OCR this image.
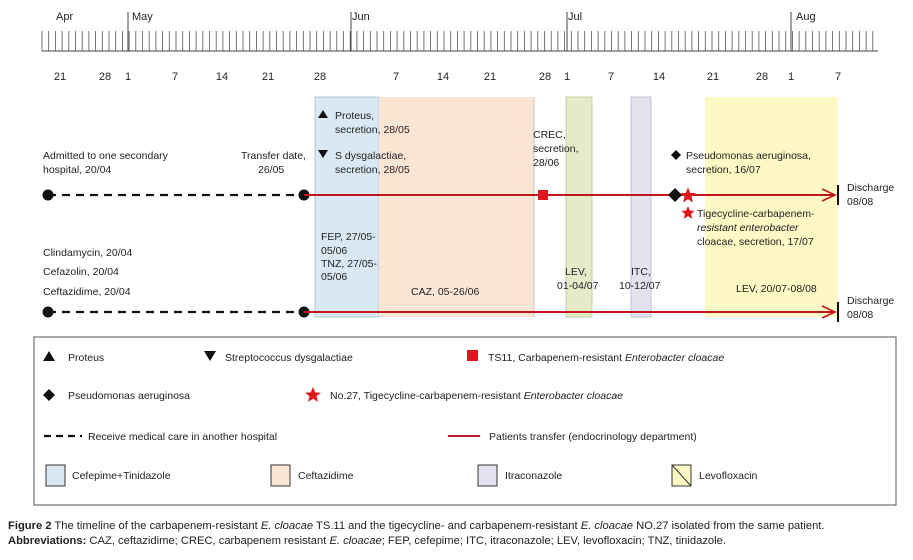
Apr	May	Jun	Jul	Aug
21	28 1	7	14	21	28	7	14	21	28 1	7	14	21	28 1	7
Admitted to one secondary
hospital, 20/04
Transfer date,
26/05
Proteus,
secretion, 28/05
S dysgalactiae,
secretion, 28/05
CREC,
secretion,
28/06
Pseudomonas aeruginosa,
secretion, 16/07
Discharge
08/08
Tigecycline-carbapenem-
resistant enterobacter
cloacae, secretion, 17/07
Clindamycin, 20/04
Cefazolin, 20/04
Ceftazidime, 20/04
FEP, 27/05-
05/06
TNZ, 27/05-
05/06
CAZ, 05-26/06
LEV,
01-04/07
ITC,
10-12/07	LEV, 20/07-08/08
Discharge
08/08
Proteus	Streptococcus dysgalactiae	TS11, Carbapenem-resistant Enterobacter cloacae
Pseudomonas aeruginosa	No.27, Tigecycline-carbapenem-resistant Enterobacter cloacae
Receive medical care in another hospital	Patients transfer (endocrinology department)
Cefepime+Tinidazole	Ceftazidime	Itraconazole	Levofloxacin
Figure 2 The timeline of the carbapenem-resistant E. cloacae TS.11 and the tigecycline- and carbapenem-resistant E. cloacae NO.27 isolated from the same patient.
Abbreviations: CAZ, ceftazidime; CREC, carbapenem resistant E. cloacae; FEP, cefepime; ITC, itraconazole; LEV, levofloxacin; TNZ, tinidazole.
